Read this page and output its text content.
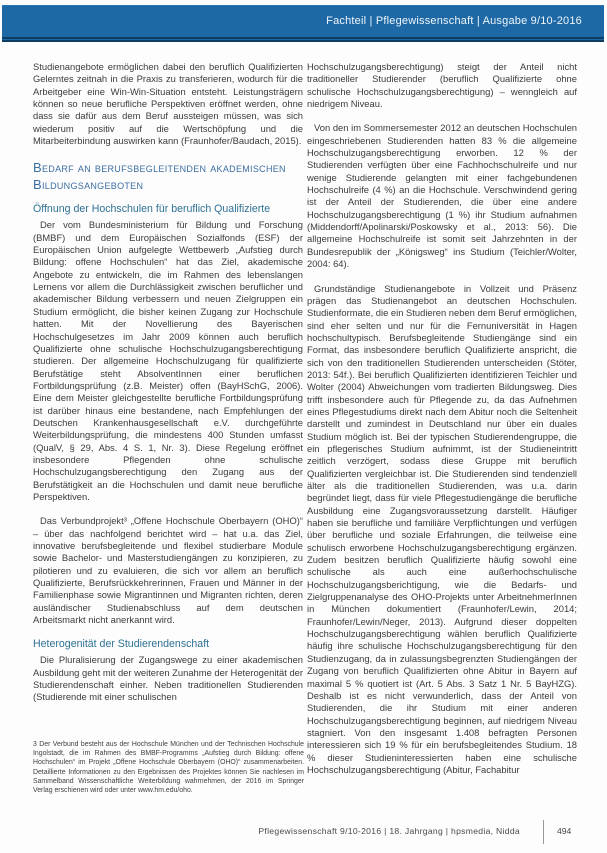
Fachteil | Pflegewissenschaft | Ausgabe 9/10-2016

Studienangebote ermöglichen dabei den beruflich Qualifizierten Gelerntes zeitnah in die Praxis zu transferieren, wodurch für die Arbeitgeber eine Win-Win-Situation entsteht. Leistungsträgern können so neue berufliche Perspektiven eröffnet werden, ohne dass sie dafür aus dem Beruf aussteigen müssen, was sich wiederum positiv auf die Wertschöpfung und die Mitarbeiterbindung auswirken kann (Fraunhofer/Baudach, 2015).

Bedarf an berufsbegleitenden akademischen Bildungsangeboten
Öffnung der Hochschulen für beruflich Qualifizierte

Der vom Bundesministerium für Bildung und Forschung (BMBF) und dem Europäischen Sozialfonds (ESF) der Europäischen Union aufgelegte Wettbewerb „Aufstieg durch Bildung: offene Hochschulen“ hat das Ziel, akademische Angebote zu entwickeln, die im Rahmen des lebenslangen Lernens vor allem die Durchlässigkeit zwischen beruflicher und akademischer Bildung verbessern und neuen Zielgruppen ein Studium ermöglicht, die bisher keinen Zugang zur Hochschule hatten. Mit der Novellierung des Bayerischen Hochschulgesetzes im Jahr 2009 können auch beruflich Qualifizierte ohne schulische Hochschulzugangsberechtigung studieren. Der allgemeine Hochschulzugang für qualifizierte Berufstätige steht AbsolventInnen einer beruflichen Fortbildungsprüfung (z.B. Meister) offen (BayHSchG, 2006). Eine dem Meister gleichgestellte berufliche Fortbildungsprüfung ist darüber hinaus eine bestandene, nach Empfehlungen der Deutschen Krankenhausgesellschaft e.V. durchgeführte Weiterbildungsprüfung, die mindestens 400 Stunden umfasst (QualV, § 29, Abs. 4 S. 1, Nr. 3). Diese Regelung eröffnet insbesondere Pflegenden ohne schulische Hochschulzugangsberechtigung den Zugang aus der Berufstätigkeit an die Hochschulen und damit neue berufliche Perspektiven.

Das Verbundprojekt³ „Offene Hochschule Oberbayern (OHO)“ – über das nachfolgend berichtet wird – hat u.a. das Ziel, innovative berufsbegleitende und flexibel studierbare Module sowie Bachelor- und Masterstudiengängen zu konzipieren, zu pilotieren und zu evaluieren, die sich vor allem an beruflich Qualifizierte, Berufsrückkehrerinnen, Frauen und Männer in der Familienphase sowie Migrantinnen und Migranten richten, deren ausländischer Studienabschluss auf dem deutschen Arbeitsmarkt nicht anerkannt wird.

Heterogenität der Studierendenschaft

Die Pluralisierung der Zugangswege zu einer akademischen Ausbildung geht mit der weiteren Zunahme der Heterogenität der Studierendenschaft einher. Neben traditionellen Studierenden (Studierende mit einer schulischen

Hochschulzugangsberechtigung) steigt der Anteil nicht traditioneller Studierender (beruflich Qualifizierte ohne schulische Hochschulzugangsberechtigung) – wenngleich auf niedrigem Niveau.

Von den im Sommersemester 2012 an deutschen Hochschulen eingeschriebenen Studierenden hatten 83 % die allgemeine Hochschulzugangsberechtigung erworben. 12 % der Studierenden verfügten über eine Fachhochschulreife und nur wenige Studierende gelangten mit einer fachgebundenen Hochschulreife (4 %) an die Hochschule. Verschwindend gering ist der Anteil der Studierenden, die über eine andere Hochschulzugangsberechtigung (1 %) ihr Studium aufnahmen (Middendorff/Apolinarski/Poskowsky et al., 2013: 56). Die allgemeine Hochschulreife ist somit seit Jahrzehnten in der Bundesrepublik der „Königsweg“ ins Studium (Teichler/Wolter, 2004: 64).

Grundständige Studienangebote in Vollzeit und Präsenz prägen das Studienangebot an deutschen Hochschulen. Studienformate, die ein Studieren neben dem Beruf ermöglichen, sind eher selten und nur für die Fernuniversität in Hagen hochschultypisch. Berufsbegleitende Studiengänge sind ein Format, das insbesondere beruflich Qualifizierte anspricht, die sich von den traditionellen Studierenden unterscheiden (Stöter, 2013: 54f.). Bei beruflich Qualifizierten identifizieren Teichler und Wolter (2004) Abweichungen vom tradierten Bildungsweg. Dies trifft insbesondere auch für Pflegende zu, da das Aufnehmen eines Pflegestudiums direkt nach dem Abitur noch die Seltenheit darstellt und zumindest in Deutschland nur über ein duales Studium möglich ist. Bei der typischen Studierendengruppe, die ein pflegerisches Studium aufnimmt, ist der Studieneintritt zeitlich verzögert, sodass diese Gruppe mit beruflich Qualifizierten vergleichbar ist. Die Studierenden sind tendenziell älter als die traditionellen Studierenden, was u.a. darin begründet liegt, dass für viele Pflegestudiengänge die berufliche Ausbildung eine Zugangsvoraussetzung darstellt. Häufiger haben sie berufliche und familiäre Verpflichtungen und verfügen über berufliche und soziale Erfahrungen, die teilweise eine schulisch erworbene Hochschulzugangsberechtigung ergänzen. Zudem besitzen beruflich Qualifizierte häufig sowohl eine schulische als auch eine außerhochschulische Hochschulzugangsberichtigung, wie die Bedarfs- und Zielgruppenanalyse des OHO-Projekts unter ArbeitnehmerInnen in München dokumentiert (Fraunhofer/Lewin, 2014; Fraunhofer/Lewin/Neger, 2013). Aufgrund dieser doppelten Hochschulzugangsberechtigung wählen beruflich Qualifizierte häufig ihre schulische Hochschulzugangsberechtigung für den Studienzugang, da in zulassungsbegrenzten Studiengängen der Zugang von beruflich Qualifizierten ohne Abitur in Bayern auf maximal 5 % quotiert ist (Art. 5 Abs. 3 Satz 1 Nr. 5 BayHZG). Deshalb ist es nicht verwunderlich, dass der Anteil von Studierenden, die ihr Studium mit einer anderen Hochschulzugangsberechtigung beginnen, auf niedrigem Niveau stagniert. Von den insgesamt 1.408 befragten Personen interessieren sich 19 % für ein berufsbegleitendes Studium. 18 % dieser Studieninteressierten haben eine schulische Hochschulzugangsberechtigung (Abitur, Fachabitur

3 Der Verbund besteht aus der Hochschule München und der Technischen Hochschule Ingolstadt, die im Rahmen des BMBF-Programms „Aufstieg durch Bildung: offene Hochschulen“ im Projekt „Offene Hochschule Oberbayern (OHO)“ zusammenarbeiten. Detaillierte Informationen zu den Ergebnissen des Projektes können Sie nachlesen im Sammelband Wissenschaftliche Weiterbildung wahrnehmen, der 2016 im Springer Verlag erschienen wird oder unter www.hm.edu/oho.
Pflegewissenschaft 9/10-2016 | 18. Jahrgang | hpsmedia, Nidda	494
